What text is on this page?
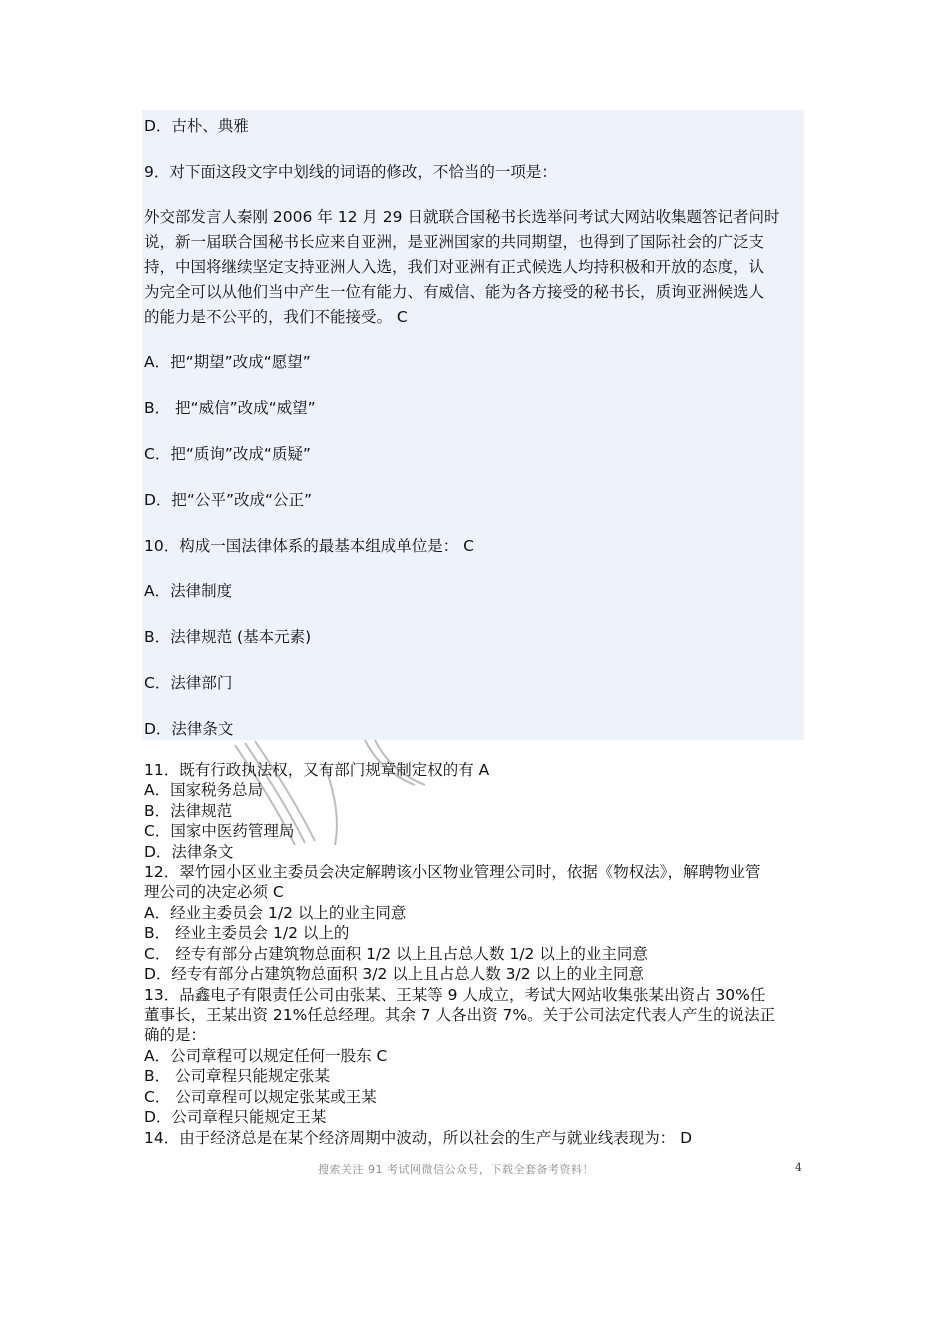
D．古朴、典雅
9．对下面这段文字中划线的词语的修改，不恰当的一项是：
外交部发言人秦刚 2006 年 12 月 29 日就联合国秘书长选举问考试大网站收集题答记者问时
说，新一届联合国秘书长应来自亚洲，是亚洲国家的共同期望，也得到了国际社会的广泛支
持，中国将继续坚定支持亚洲人入选，我们对亚洲有正式候选人均持积极和开放的态度，认
为完全可以从他们当中产生一位有能力、有威信、能为各方接受的秘书长，质询亚洲候选人
的能力是不公平的，我们不能接受。 C
A．把“期望”改成“愿望”
B． 把“威信”改成“威望”
C．把“质询”改成“质疑”
D．把“公平”改成“公正”
10．构成一国法律体系的最基本组成单位是： C
A．法律制度
B．法律规范 (基本元素)
C．法律部门
D．法律条文
11．既有行政执法权，又有部门规章制定权的有 A
A．国家税务总局
B．法律规范
C．国家中医药管理局
D．法律条文
12．翠竹园小区业主委员会决定解聘该小区物业管理公司时，依据《物权法》，解聘物业管
理公司的决定必须 C
A．经业主委员会 1/2 以上的业主同意
B． 经业主委员会 1/2 以上的
C． 经专有部分占建筑物总面积 1/2 以上且占总人数 1/2 以上的业主同意
D．经专有部分占建筑物总面积 3/2 以上且占总人数 3/2 以上的业主同意
13．品鑫电子有限责任公司由张某、王某等 9 人成立，考试大网站收集张某出资占 30%任
董事长，王某出资 21%任总经理。其余 7 人各出资 7%。关于公司法定代表人产生的说法正
确的是：
A．公司章程可以规定任何一股东 C
B． 公司章程只能规定张某
C． 公司章程可以规定张某或王某
D．公司章程只能规定王某
14．由于经济总是在某个经济周期中波动，所以社会的生产与就业线表现为： D
搜索关注 91 考试网微信公众号，下载全套备考资料！	4
